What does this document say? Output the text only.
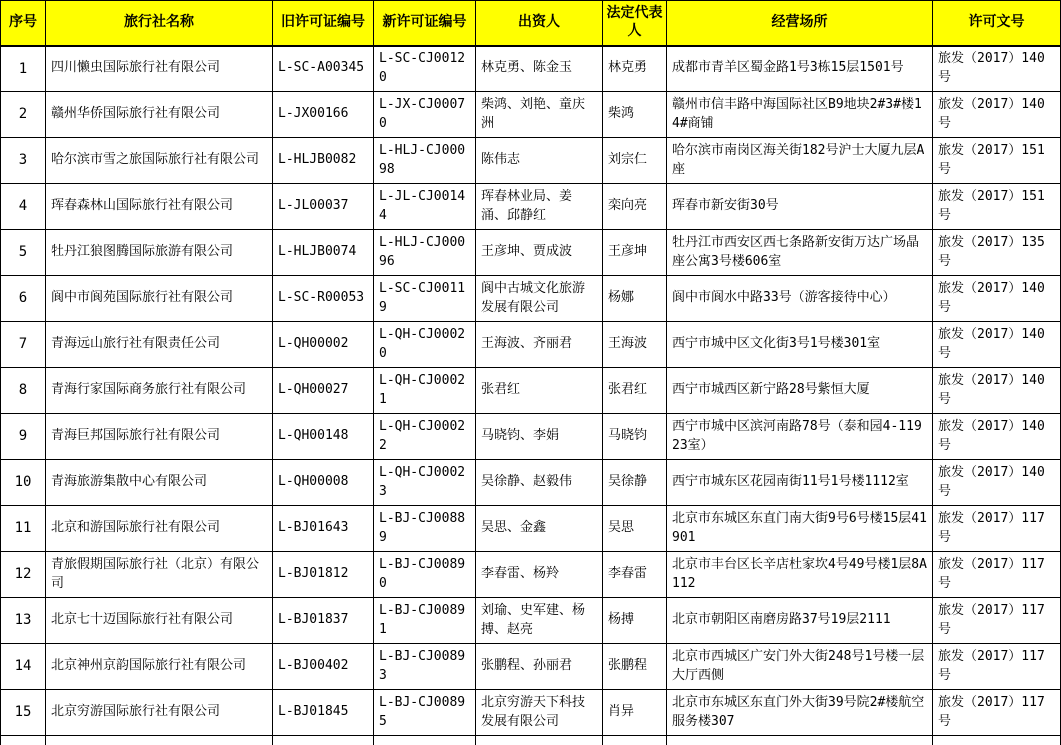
序号	旅行社名称	旧许可证编号	新许可证编号	出资人	法定代表人	经营场所	许可文号
1	四川懒虫国际旅行社有限公司	L-SC-A00345	L-SC-CJ00120	林克勇、陈金玉	林克勇	成都市青羊区蜀金路1号3栋15层1501号	旅发（2017）140号
2	赣州华侨国际旅行社有限公司	L-JX00166	L-JX-CJ00070	柴鸿、刘艳、童庆洲	柴鸿	赣州市信丰路中海国际社区B9地块2#3#楼14#商铺	旅发（2017）140号
3	哈尔滨市雪之旅国际旅行社有限公司	L-HLJB0082	L-HLJ-CJ00098	陈伟志	刘宗仁	哈尔滨市南岗区海关街182号沪士大厦九层A座	旅发（2017）151号
4	珲春森林山国际旅行社有限公司	L-JL00037	L-JL-CJ00144	珲春林业局、姜涌、邱静红	栾向亮	珲春市新安街30号	旅发（2017）151号
5	牡丹江狼图腾国际旅游有限公司	L-HLJB0074	L-HLJ-CJ00096	王彦坤、贾成波	王彦坤	牡丹江市西安区西七条路新安街万达广场晶座公寓3号楼606室	旅发（2017）135号
6	阆中市阆苑国际旅行社有限公司	L-SC-R00053	L-SC-CJ00119	阆中古城文化旅游发展有限公司	杨娜	阆中市阆水中路33号（游客接待中心）	旅发（2017）140号
7	青海远山旅行社有限责任公司	L-QH00002	L-QH-CJ00020	王海波、齐丽君	王海波	西宁市城中区文化街3号1号楼301室	旅发（2017）140号
8	青海行家国际商务旅行社有限公司	L-QH00027	L-QH-CJ00021	张君红	张君红	西宁市城西区新宁路28号紫恒大厦	旅发（2017）140号
9	青海巨邦国际旅行社有限公司	L-QH00148	L-QH-CJ00022	马晓钧、李娟	马晓钧	西宁市城中区滨河南路78号（泰和园4-11923室）	旅发（2017）140号
10	青海旅游集散中心有限公司	L-QH00008	L-QH-CJ00023	吴徐静、赵毅伟	吴徐静	西宁市城东区花园南街11号1号楼1112室	旅发（2017）140号
11	北京和游国际旅行社有限公司	L-BJ01643	L-BJ-CJ00889	吴思、金鑫	吴思	北京市东城区东直门南大街9号6号楼15层41901	旅发（2017）117号
12	青旅假期国际旅行社（北京）有限公司	L-BJ01812	L-BJ-CJ00890	李春雷、杨羚	李春雷	北京市丰台区长辛店杜家坎4号49号楼1层8A112	旅发（2017）117号
13	北京七十迈国际旅行社有限公司	L-BJ01837	L-BJ-CJ00891	刘瑜、史军建、杨搏、赵亮	杨搏	北京市朝阳区南磨房路37号19层2111	旅发（2017）117号
14	北京神州京韵国际旅行社有限公司	L-BJ00402	L-BJ-CJ00893	张鹏程、孙丽君	张鹏程	北京市西城区广安门外大街248号1号楼一层大厅西侧	旅发（2017）117号
15	北京穷游国际旅行社有限公司	L-BJ01845	L-BJ-CJ00895	北京穷游天下科技发展有限公司	肖异	北京市东城区东直门外大街39号院2#楼航空服务楼307	旅发（2017）117号
